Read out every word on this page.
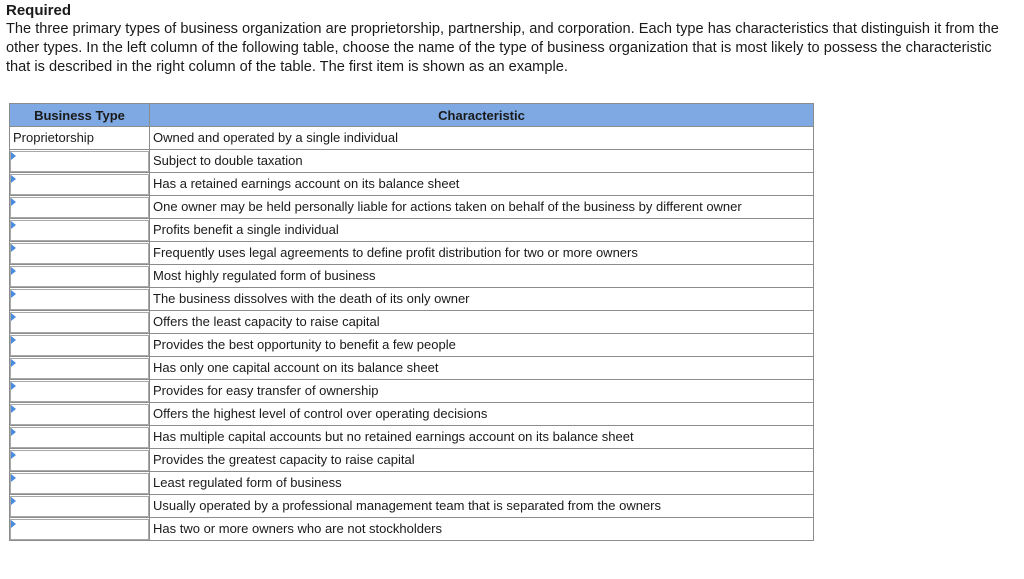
Required
The three primary types of business organization are proprietorship, partnership, and corporation. Each type has characteristics that distinguish it from the other types. In the left column of the following table, choose the name of the type of business organization that is most likely to possess the characteristic that is described in the right column of the table. The first item is shown as an example.
Business Type	Characteristic
Proprietorship	Owned and operated by a single individual

	Subject to double taxation

	Has a retained earnings account on its balance sheet

	One owner may be held personally liable for actions taken on behalf of the business by different owner

	Profits benefit a single individual

	Frequently uses legal agreements to define profit distribution for two or more owners

	Most highly regulated form of business

	The business dissolves with the death of its only owner

	Offers the least capacity to raise capital

	Provides the best opportunity to benefit a few people

	Has only one capital account on its balance sheet

	Provides for easy transfer of ownership

	Offers the highest level of control over operating decisions

	Has multiple capital accounts but no retained earnings account on its balance sheet

	Provides the greatest capacity to raise capital

	Least regulated form of business

	Usually operated by a professional management team that is separated from the owners

	Has two or more owners who are not stockholders
